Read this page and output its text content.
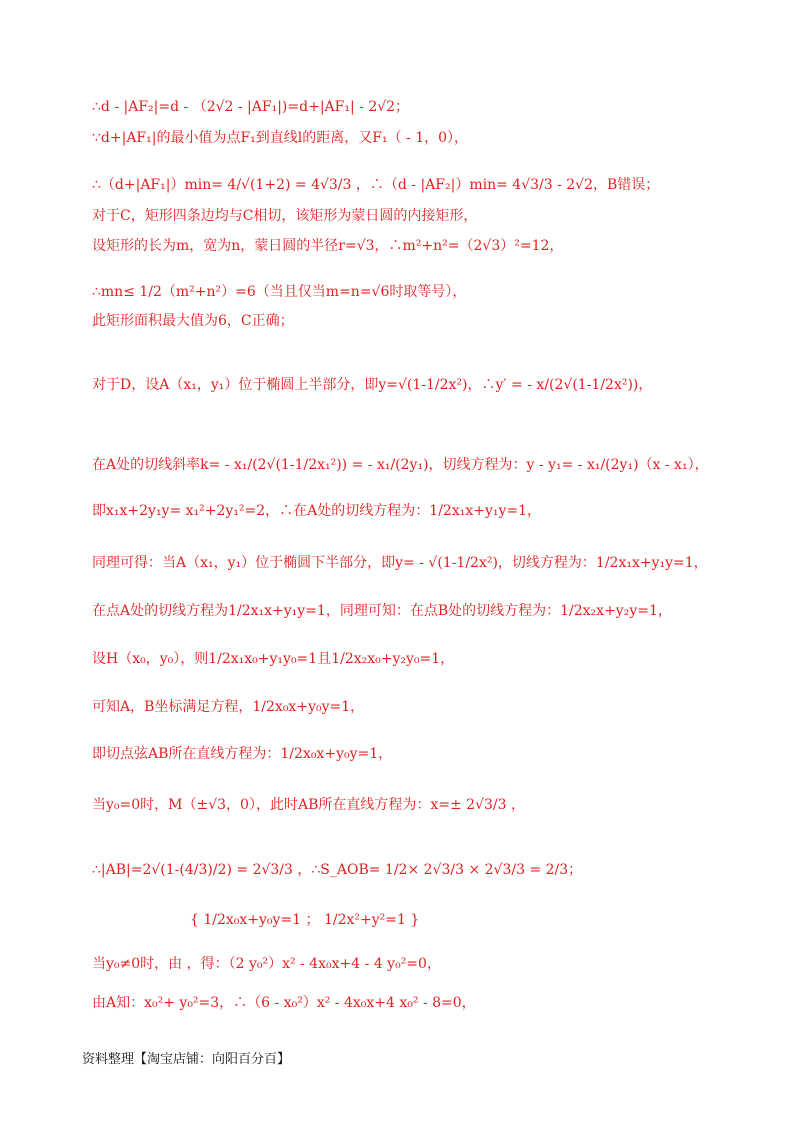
∴d - |AF₂|=d - （2√2 - |AF₁|)=d+|AF₁| - 2√2；
∵d+|AF₁|的最小值为点F₁到直线l的距离，又F₁（ - 1，0），
∴（d+|AF₁|）min= 4/√(1+2) = 4√3/3 ，∴（d - |AF₂|）min= 4√3/3 - 2√2，B错误；
对于C，矩形四条边均与C相切，该矩形为蒙日圆的内接矩形，
设矩形的长为m，宽为n，蒙日圆的半径r=√3，∴m²+n²=（2√3）²=12，
∴mn≤ 1/2（m²+n²）=6（当且仅当m=n=√6时取等号），
此矩形面积最大值为6，C正确；
对于D，设A（x₁，y₁）位于椭圆上半部分，即y=√(1-1/2x²)，∴y′ = - x/(2√(1-1/2x²))，
在A处的切线斜率k= - x₁/(2√(1-1/2x₁²)) = - x₁/(2y₁)，切线方程为：y - y₁= - x₁/(2y₁)（x - x₁），
即x₁x+2y₁y= x₁²+2y₁²=2，∴在A处的切线方程为：1/2x₁x+y₁y=1，
同理可得：当A（x₁，y₁）位于椭圆下半部分，即y= - √(1-1/2x²)，切线方程为：1/2x₁x+y₁y=1，
在点A处的切线方程为1/2x₁x+y₁y=1，同理可知：在点B处的切线方程为：1/2x₂x+y₂y=1，
设H（x₀，y₀），则1/2x₁x₀+y₁y₀=1且1/2x₂x₀+y₂y₀=1，
可知A，B坐标满足方程，1/2x₀x+y₀y=1，
即切点弦AB所在直线方程为：1/2x₀x+y₀y=1，
当y₀=0时，M（±√3，0），此时AB所在直线方程为：x=± 2√3/3 ，
∴|AB|=2√(1-(4/3)/2) = 2√3/3 ，∴S_AOB= 1/2× 2√3/3 × 2√3/3 = 2/3；
{ 1/2x₀x+y₀y=1 ； 1/2x²+y²=1 }
当y₀≠0时，由 ，得：（2 y₀²）x² - 4x₀x+4 - 4 y₀²=0，
由A知：x₀²+ y₀²=3，∴（6 - x₀²）x² - 4x₀x+4 x₀² - 8=0，
资料整理【淘宝店铺：向阳百分百】
